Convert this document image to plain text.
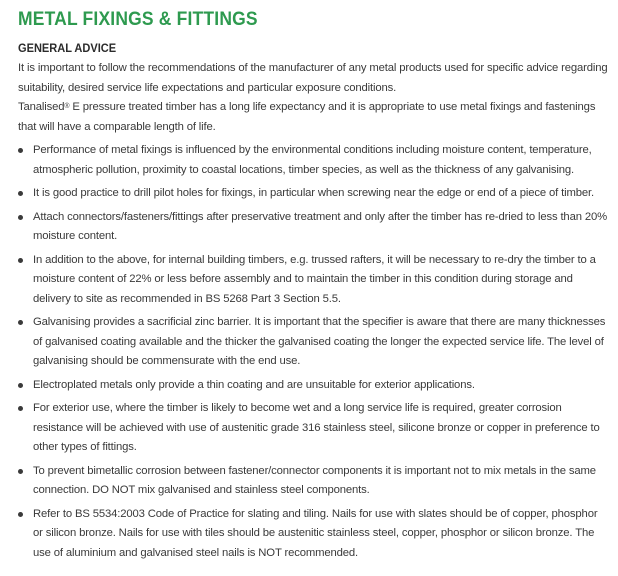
METAL FIXINGS & FITTINGS
GENERAL ADVICE

It is important to follow the recommendations of the manufacturer of any metal products used for specific advice regarding suitability, desired service life expectations and particular exposure conditions.

Tanalised® E pressure treated timber has a long life expectancy and it is appropriate to use metal fixings and fastenings that will have a comparable length of life.

Performance of metal fixings is influenced by the environmental conditions including moisture content, temperature, atmospheric pollution, proximity to coastal locations, timber species, as well as the thickness of any galvanising.
It is good practice to drill pilot holes for fixings, in particular when screwing near the edge or end of a piece of timber.
Attach connectors/fasteners/fittings after preservative treatment and only after the timber has re-dried to less than 20% moisture content.
In addition to the above, for internal building timbers, e.g. trussed rafters, it will be necessary to re-dry the timber to a moisture content of 22% or less before assembly and to maintain the timber in this condition during storage and delivery to site as recommended in BS 5268 Part 3 Section 5.5.
Galvanising provides a sacrificial zinc barrier. It is important that the specifier is aware that there are many thicknesses of galvanised coating available and the thicker the galvanised coating the longer the expected service life. The level of galvanising should be commensurate with the end use.
Electroplated metals only provide a thin coating and are unsuitable for exterior applications.
For exterior use, where the timber is likely to become wet and a long service life is required, greater corrosion resistance will be achieved with use of austenitic grade 316 stainless steel, silicone bronze or copper in preference to other types of fittings.
To prevent bimetallic corrosion between fastener/connector components it is important not to mix metals in the same connection. DO NOT mix galvanised and stainless steel components.
Refer to BS 5534:2003 Code of Practice for slating and tiling. Nails for use with slates should be of copper, phosphor or silicon bronze. Nails for use with tiles should be austenitic stainless steel, copper, phosphor or silicon bronze. The use of aluminium and galvanised steel nails is NOT recommended.
